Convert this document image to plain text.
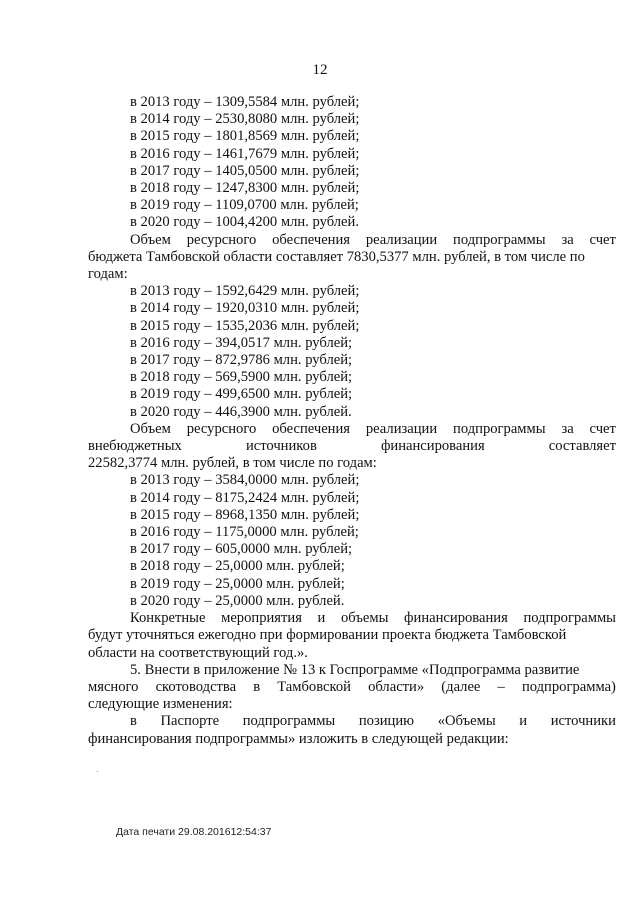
12
в 2013 году – 1309,5584 млн. рублей;
в 2014 году – 2530,8080 млн. рублей;
в 2015 году – 1801,8569 млн. рублей;
в 2016 году – 1461,7679 млн. рублей;
в 2017 году – 1405,0500 млн. рублей;
в 2018 году – 1247,8300 млн. рублей;
в 2019 году – 1109,0700 млн. рублей;
в 2020 году – 1004,4200 млн. рублей.
Объем ресурсного обеспечения реализации подпрограммы за счет
бюджета Тамбовской области составляет 7830,5377 млн. рублей, в том числе по
годам:
в 2013 году – 1592,6429 млн. рублей;
в 2014 году – 1920,0310 млн. рублей;
в 2015 году – 1535,2036 млн. рублей;
в 2016 году – 394,0517 млн. рублей;
в 2017 году – 872,9786 млн. рублей;
в 2018 году – 569,5900 млн. рублей;
в 2019 году – 499,6500 млн. рублей;
в 2020 году – 446,3900 млн. рублей.
Объем ресурсного обеспечения реализации подпрограммы за счет
внебюджетных	источников	финансирования	составляет
22582,3774 млн. рублей, в том числе по годам:
в 2013 году – 3584,0000 млн. рублей;
в 2014 году – 8175,2424 млн. рублей;
в 2015 году – 8968,1350 млн. рублей;
в 2016 году – 1175,0000 млн. рублей;
в 2017 году – 605,0000 млн. рублей;
в 2018 году – 25,0000 млн. рублей;
в 2019 году – 25,0000 млн. рублей;
в 2020 году – 25,0000 млн. рублей.
Конкретные мероприятия и объемы финансирования подпрограммы
будут уточняться ежегодно при формировании проекта бюджета Тамбовской
области на соответствующий год.».
5. Внести в приложение № 13 к Госпрограмме «Подпрограмма развитие
мясного скотоводства в Тамбовской области» (далее – подпрограмма)
следующие изменения:
в Паспорте подпрограммы позицию «Объемы и источники
финансирования подпрограммы» изложить в следующей редакции:
Дата печати 29.08.201612:54:37
